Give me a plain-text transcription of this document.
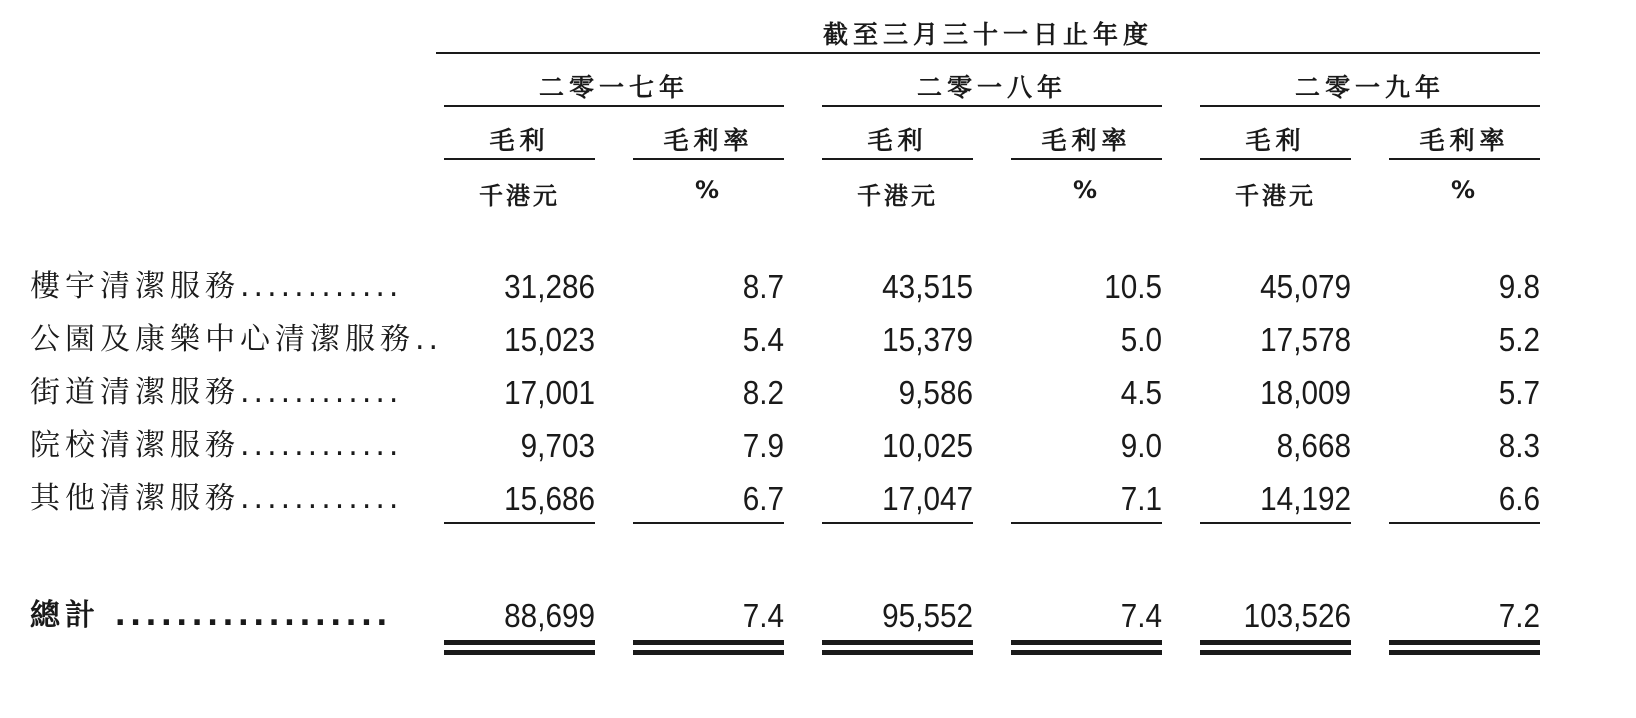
截至三月三十一日止年度
二零一七年	二零一八年	二零一九年
毛利	毛利率	毛利	毛利率	毛利	毛利率
千港元	%	千港元	%	千港元	%
樓宇清潔服務............	31,286	8.7	43,515	10.5	45,079	9.8
公園及康樂中心清潔服務..	15,023	5.4	15,379	5.0	17,578	5.2
街道清潔服務............	17,001	8.2	9,586	4.5	18,009	5.7
院校清潔服務............	9,703	7.9	10,025	9.0	8,668	8.3
其他清潔服務............	15,686	6.7	17,047	7.1	14,192	6.6
總計 ..................	88,699	7.4	95,552	7.4	103,526	7.2
